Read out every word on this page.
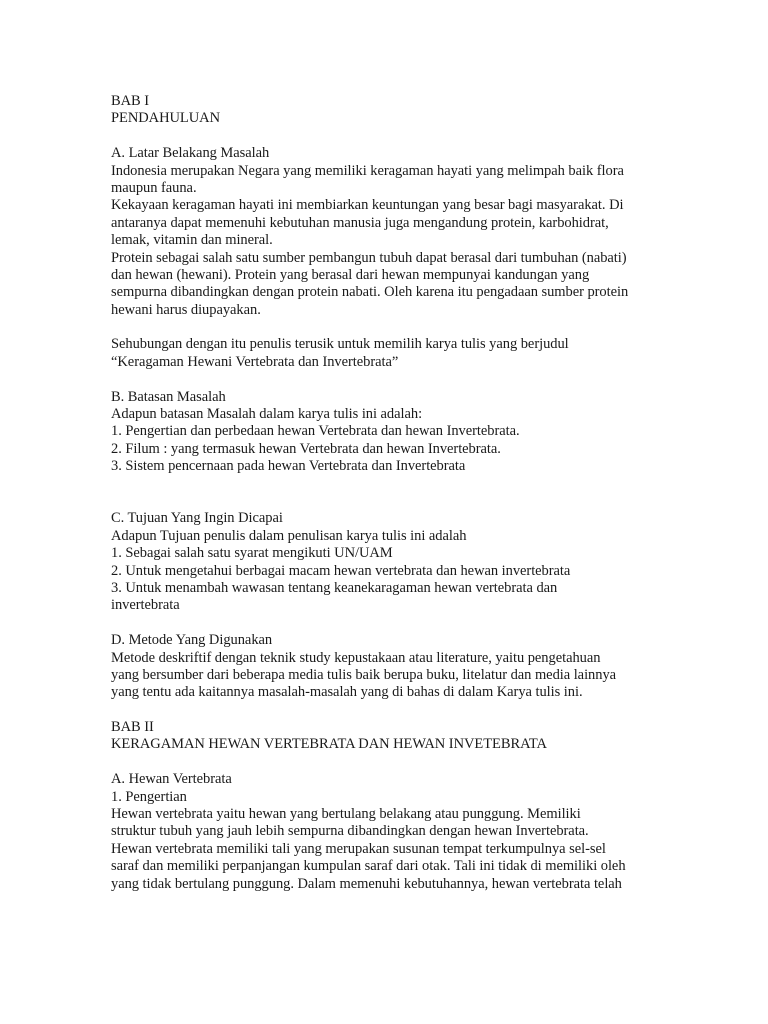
BAB I
PENDAHULUAN
A. Latar Belakang Masalah
Indonesia merupakan Negara yang memiliki keragaman hayati yang melimpah baik flora
maupun fauna.
Kekayaan keragaman hayati ini membiarkan keuntungan yang besar bagi masyarakat. Di
antaranya dapat memenuhi kebutuhan manusia juga mengandung protein, karbohidrat,
lemak, vitamin dan mineral.
Protein sebagai salah satu sumber pembangun tubuh dapat berasal dari tumbuhan (nabati)
dan hewan (hewani). Protein yang berasal dari hewan mempunyai kandungan yang
sempurna dibandingkan dengan protein nabati. Oleh karena itu pengadaan sumber protein
hewani harus diupayakan.
Sehubungan dengan itu penulis terusik untuk memilih karya tulis yang berjudul
“Keragaman Hewani Vertebrata dan Invertebrata”
B. Batasan Masalah
Adapun batasan Masalah dalam karya tulis ini adalah:
1. Pengertian dan perbedaan hewan Vertebrata dan hewan Invertebrata.
2. Filum : yang termasuk hewan Vertebrata dan hewan Invertebrata.
3. Sistem pencernaan pada hewan Vertebrata dan Invertebrata
C. Tujuan Yang Ingin Dicapai
Adapun Tujuan penulis dalam penulisan karya tulis ini adalah
1. Sebagai salah satu syarat mengikuti UN/UAM
2. Untuk mengetahui berbagai macam hewan vertebrata dan hewan invertebrata
3. Untuk menambah wawasan tentang keanekaragaman hewan vertebrata dan
invertebrata
D. Metode Yang Digunakan
Metode deskriftif dengan teknik study kepustakaan atau literature, yaitu pengetahuan
yang bersumber dari beberapa media tulis baik berupa buku, litelatur dan media lainnya
yang tentu ada kaitannya masalah-masalah yang di bahas di dalam Karya tulis ini.
BAB II
KERAGAMAN HEWAN VERTEBRATA DAN HEWAN INVETEBRATA
A. Hewan Vertebrata
1. Pengertian
Hewan vertebrata yaitu hewan yang bertulang belakang atau punggung. Memiliki
struktur tubuh yang jauh lebih sempurna dibandingkan dengan hewan Invertebrata.
Hewan vertebrata memiliki tali yang merupakan susunan tempat terkumpulnya sel-sel
saraf dan memiliki perpanjangan kumpulan saraf dari otak. Tali ini tidak di memiliki oleh
yang tidak bertulang punggung. Dalam memenuhi kebutuhannya, hewan vertebrata telah
